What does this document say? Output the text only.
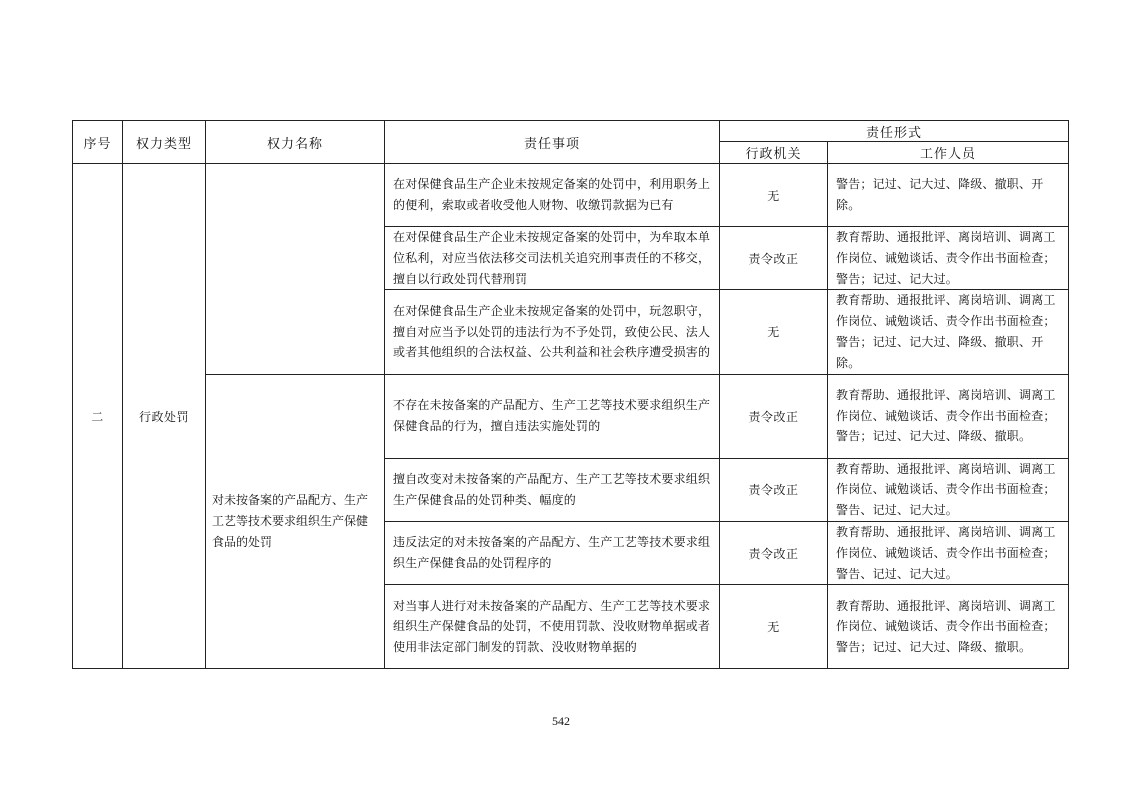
序号	权力类型	权力名称	责任事项	责任形式	
				行政机关	工作人员
二	行政处罚		在对保健食品生产企业未按规定备案的处罚中，利用职务上的便利，索取或者收受他人财物、收缴罚款据为已有	无	警告；记过、记大过、降级、撤职、开除。
			在对保健食品生产企业未按规定备案的处罚中，为牟取本单位私利，对应当依法移交司法机关追究刑事责任的不移交，擅自以行政处罚代替刑罚	责令改正	教育帮助、通报批评、离岗培训、调离工作岗位、诫勉谈话、责令作出书面检查；警告；记过、记大过。
			在对保健食品生产企业未按规定备案的处罚中，玩忽职守，擅自对应当予以处罚的违法行为不予处罚，致使公民、法人或者其他组织的合法权益、公共利益和社会秩序遭受损害的	无	教育帮助、通报批评、离岗培训、调离工作岗位、诫勉谈话、责令作出书面检查；警告；记过、记大过、降级、撤职、开除。
		对未按备案的产品配方、生产工艺等技术要求组织生产保健食品的处罚	不存在未按备案的产品配方、生产工艺等技术要求组织生产保健食品的行为，擅自违法实施处罚的	责令改正	教育帮助、通报批评、离岗培训、调离工作岗位、诫勉谈话、责令作出书面检查；警告；记过、记大过、降级、撤职。
			擅自改变对未按备案的产品配方、生产工艺等技术要求组织生产保健食品的处罚种类、幅度的	责令改正	教育帮助、通报批评、离岗培训、调离工作岗位、诫勉谈话、责令作出书面检查；警告、记过、记大过。
			违反法定的对未按备案的产品配方、生产工艺等技术要求组织生产保健食品的处罚程序的	责令改正	教育帮助、通报批评、离岗培训、调离工作岗位、诫勉谈话、责令作出书面检查；警告、记过、记大过。
			对当事人进行对未按备案的产品配方、生产工艺等技术要求组织生产保健食品的处罚，不使用罚款、没收财物单据或者使用非法定部门制发的罚款、没收财物单据的	无	教育帮助、通报批评、离岗培训、调离工作岗位、诫勉谈话、责令作出书面检查；警告；记过、记大过、降级、撤职。
542
